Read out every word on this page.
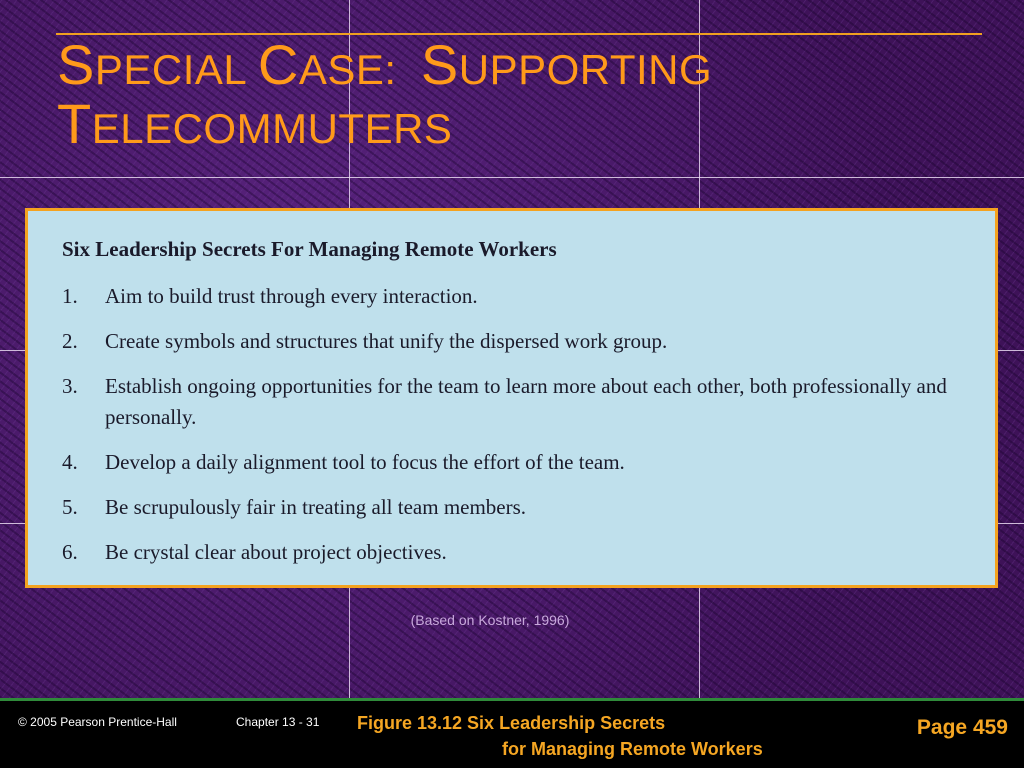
SPECIAL CASE:  SUPPORTING
TELECOMMUTERS
Six Leadership Secrets For Managing Remote Workers
1. Aim to build trust through every interaction.
2. Create symbols and structures that unify the dispersed work group.
3. Establish ongoing opportunities for the team to learn more about each other, both professionally and personally.
4. Develop a daily alignment tool to focus the effort of the team.
5. Be scrupulously fair in treating all team members.
6. Be crystal clear about project objectives.
(Based on Kostner, 1996)
© 2005 Pearson Prentice-Hall	Chapter 13 - 31 Figure 13.12 Six Leadership Secrets
for Managing Remote Workers
Page 459
